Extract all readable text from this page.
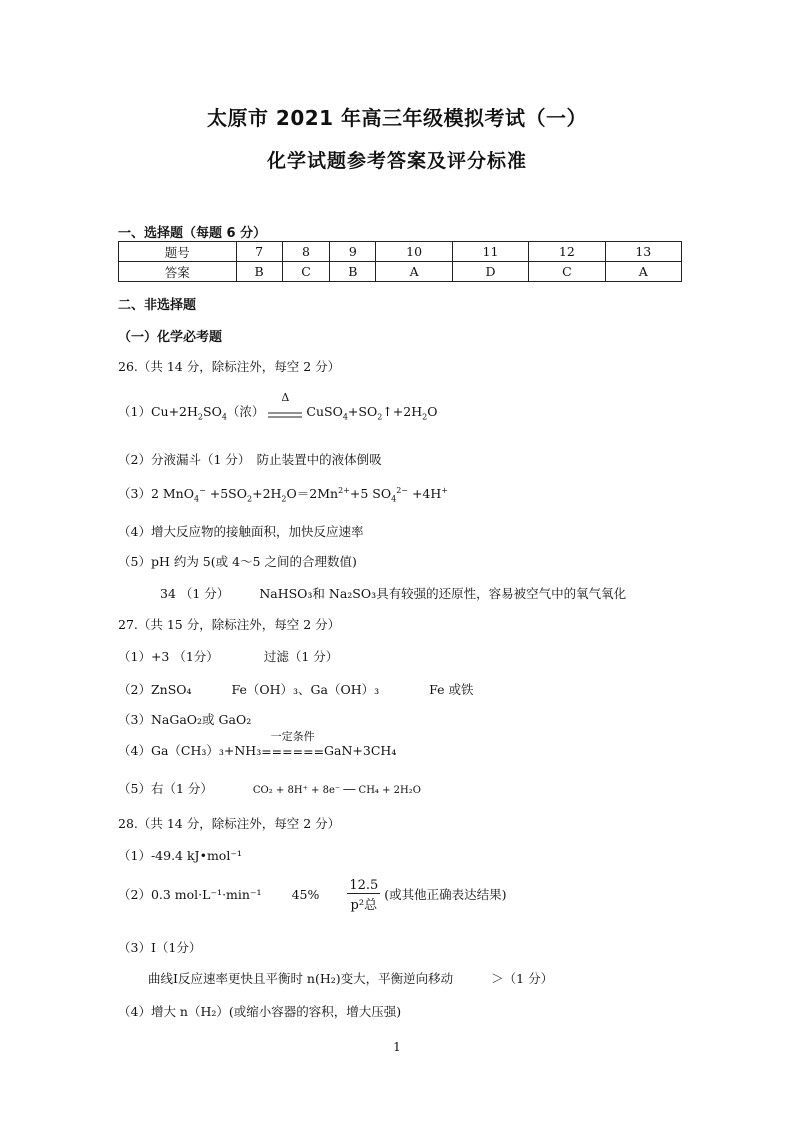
太原市 2021 年高三年级模拟考试（一）
化学试题参考答案及评分标准
一、选择题（每题 6 分）
题号	7	8	9	10	11	12	13
答案	B	C	B	A	D	C	A
二、非选择题
（一）化学必考题
26.（共 14 分，除标注外，每空 2 分）
$(1)Cu+2H_2SO_4$（浓）
Δ
$CuSO_4+SO_2↑+2H_2O$
（2）分液漏斗（1 分）　防止装置中的液体倒吸
（3）2 $MnO_4^- +5SO_2+2H_2O=2Mn^{2+}+5$ $SO_4^{2-} +4H^+$
（4）增大反应物的接触面积，加快反应速率
（5）pH 约为 5(或 4～5 之间的合理数值)
34 （1 分） NaHSO₃和 Na₂SO₃具有较强的还原性，容易被空气中的氧气氧化
27.（共 15 分，除标注外，每空 2 分）
（1）+3 （1分）	过滤（1 分）
（2）ZnSO₄	Fe（OH）₃、Ga（OH）₃	Fe 或铁
（3）NaGaO₂或 GaO₂
（4）Ga（CH₃）₃+NH₃
一定条件
======GaN+3CH₄
（5）右（1 分）	CO₂ + 8H⁺ + 8e⁻ ── CH₄ + 2H₂O
28.（共 14 分，除标注外，每空 2 分）
（1）-49.4 kJ•mol⁻¹
（2）0.3 mol·L⁻¹·min⁻¹ $45\% \frac{12.5}{\text{p²总}}$ (或其他正确表达结果)
（3）Ⅰ（1分）
曲线Ⅰ反应速率更快且平衡时 n(H₂)变大，平衡逆向移动	＞（1 分）
（4）增大 n（H₂）(或缩小容器的容积，增大压强)
1
